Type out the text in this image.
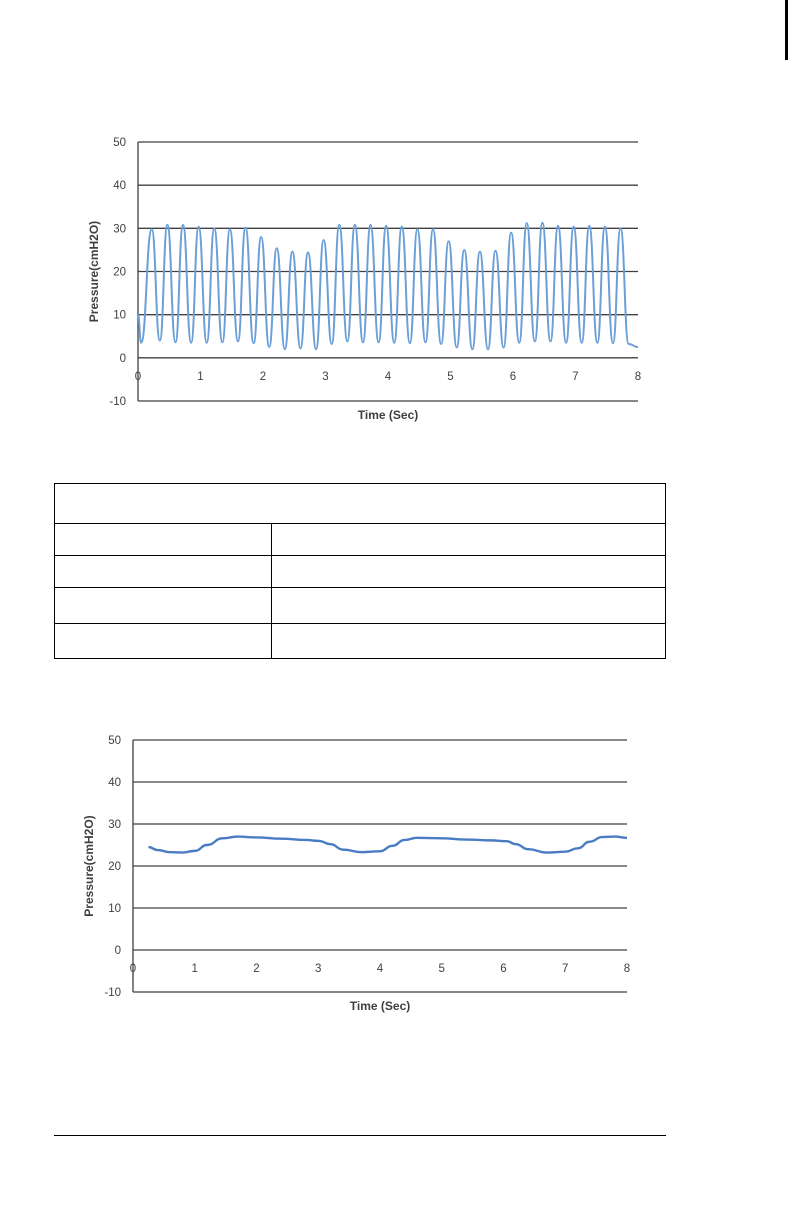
-10
0
10
20
30
40
50
0	1	2	3	4	5	6	7	8
Time (Sec)
Pressure(cmH2O)

-10
0
10
20
30
40
50
0	1	2	3	4	5	6	7	8
Time (Sec)
Pressure(cmH2O)
